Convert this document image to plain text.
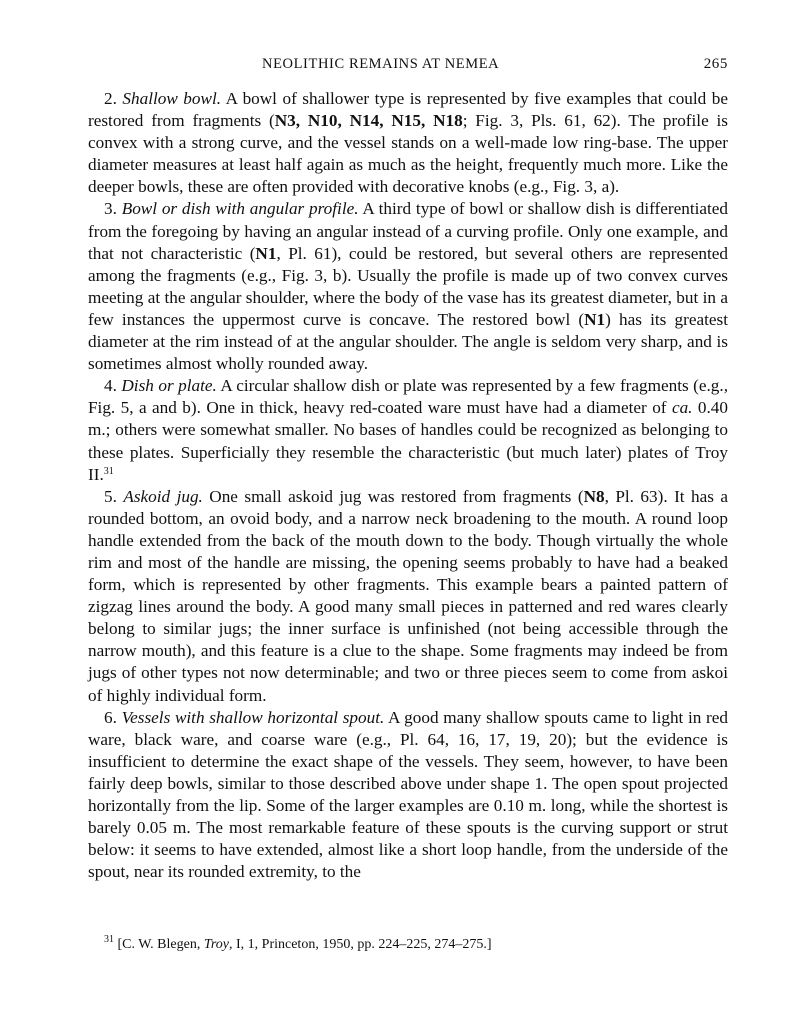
NEOLITHIC REMAINS AT NEMEA	265

2. Shallow bowl. A bowl of shallower type is represented by five examples that could be restored from fragments (N3, N10, N14, N15, N18; Fig. 3, Pls. 61, 62). The profile is convex with a strong curve, and the vessel stands on a well-made low ring-base. The upper diameter measures at least half again as much as the height, frequently much more. Like the deeper bowls, these are often provided with decorative knobs (e.g., Fig. 3, a).

3. Bowl or dish with angular profile. A third type of bowl or shallow dish is differentiated from the foregoing by having an angular instead of a curving profile. Only one example, and that not characteristic (N1, Pl. 61), could be restored, but several others are represented among the fragments (e.g., Fig. 3, b). Usually the profile is made up of two convex curves meeting at the angular shoulder, where the body of the vase has its greatest diameter, but in a few instances the uppermost curve is concave. The restored bowl (N1) has its greatest diameter at the rim instead of at the angular shoulder. The angle is seldom very sharp, and is sometimes almost wholly rounded away.

4. Dish or plate. A circular shallow dish or plate was represented by a few fragments (e.g., Fig. 5, a and b). One in thick, heavy red-coated ware must have had a diameter of ca. 0.40 m.; others were somewhat smaller. No bases of handles could be recognized as belonging to these plates. Superficially they resemble the characteristic (but much later) plates of Troy II.$^{31}$

5. Askoid jug. One small askoid jug was restored from fragments (N8, Pl. 63). It has a rounded bottom, an ovoid body, and a narrow neck broadening to the mouth. A round loop handle extended from the back of the mouth down to the body. Though virtually the whole rim and most of the handle are missing, the opening seems probably to have had a beaked form, which is represented by other fragments. This example bears a painted pattern of zigzag lines around the body. A good many small pieces in patterned and red wares clearly belong to similar jugs; the inner surface is unfinished (not being accessible through the narrow mouth), and this feature is a clue to the shape. Some fragments may indeed be from jugs of other types not now determinable; and two or three pieces seem to come from askoi of highly individual form.

6. Vessels with shallow horizontal spout. A good many shallow spouts came to light in red ware, black ware, and coarse ware (e.g., Pl. 64, 16, 17, 19, 20); but the evidence is insufficient to determine the exact shape of the vessels. They seem, however, to have been fairly deep bowls, similar to those described above under shape 1. The open spout projected horizontally from the lip. Some of the larger examples are 0.10 m. long, while the shortest is barely 0.05 m. The most remarkable feature of these spouts is the curving support or strut below: it seems to have extended, almost like a short loop handle, from the underside of the spout, near its rounded extremity, to the

$^{31}$ [C. W. Blegen, Troy, I, 1, Princeton, 1950, pp. 224–225, 274–275.]
